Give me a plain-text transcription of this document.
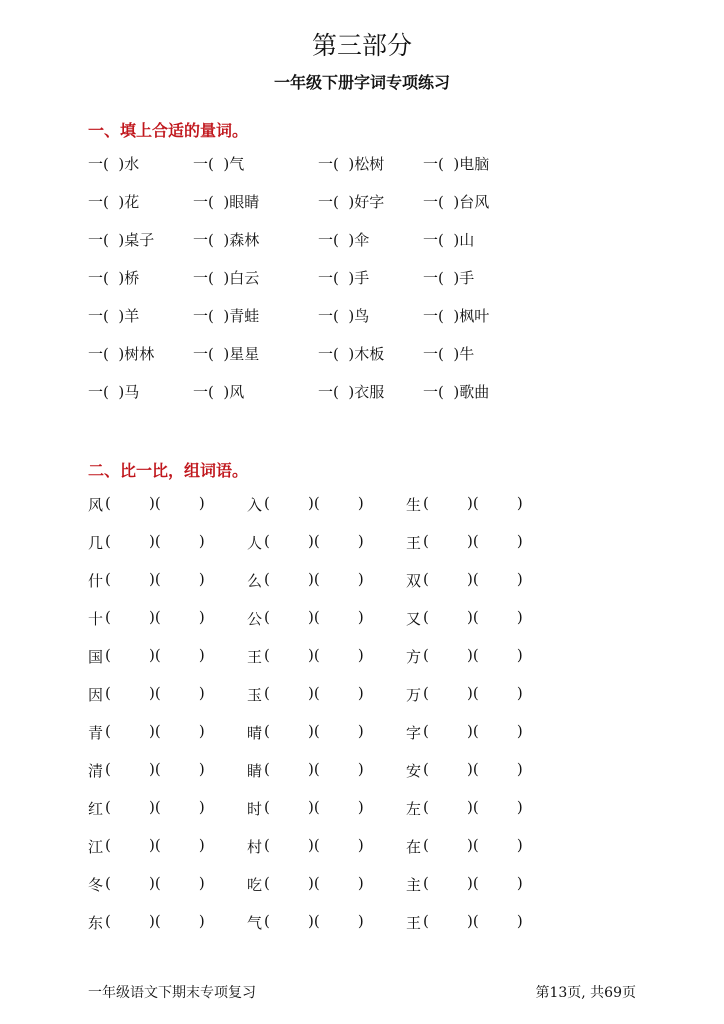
第三部分
一年级下册字词专项练习
一、填上合适的量词。
一(  )水	一(  )气	一(  )松树	一(  )电脑
一(  )花	一(  )眼睛	一(  )好字	一(  )台风
一(  )桌子	一(  )森林	一(  )伞	一(  )山
一(  )桥	一(  )白云	一(  )手	一(  )手
一(  )羊	一(  )青蛙	一(  )鸟	一(  )枫叶
一(  )树林	一(  )星星	一(  )木板	一(  )牛
一(  )马	一(  )风	一(  )衣服	一(  )歌曲
二、比一比，组词语。
风 (        )(        )	入 (        )(        )	生 (        )(        )
几 (        )(        )	人 (        )(        )	王 (        )(        )
什 (        )(        )	么 (        )(        )	双 (        )(        )
十 (        )(        )	公 (        )(        )	又 (        )(        )
国 (        )(        )	王 (        )(        )	方 (        )(        )
因 (        )(        )	玉 (        )(        )	万 (        )(        )
青 (        )(        )	晴 (        )(        )	字 (        )(        )
清 (        )(        )	睛 (        )(        )	安 (        )(        )
红 (        )(        )	时 (        )(        )	左 (        )(        )
江 (        )(        )	村 (        )(        )	在 (        )(        )
冬 (        )(        )	吃 (        )(        )	主 (        )(        )
东 (        )(        )	气 (        )(        )	王 (        )(        )
一年级语文下期末专项复习	第13页, 共69页
